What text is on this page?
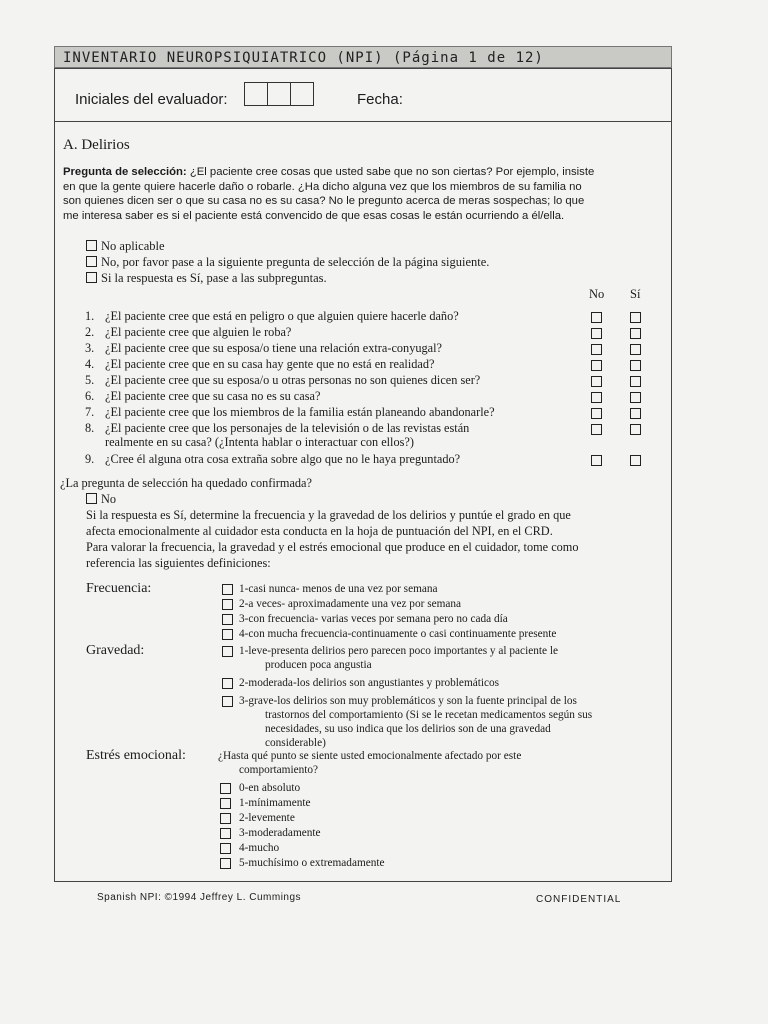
INVENTARIO NEUROPSIQUIATRICO (NPI) (Página 1 de 12)
Iniciales del evaluador:	Fecha:
A. Delirios
Pregunta de selección: ¿El paciente cree cosas que usted sabe que no son ciertas? Por ejemplo, insiste
en que la gente quiere hacerle daño o robarle. ¿Ha dicho alguna vez que los miembros de su familia no
son quienes dicen ser o que su casa no es su casa? No le pregunto acerca de meras sospechas; lo que
me interesa saber es si el paciente está convencido de que esas cosas le están ocurriendo a él/ella.
No aplicable
No, por favor pase a la siguiente pregunta de selección de la página siguiente.
Si la respuesta es Sí, pase a las subpreguntas.
No Sí
1. ¿El paciente cree que está en peligro o que alguien quiere hacerle daño?
2. ¿El paciente cree que alguien le roba?
3. ¿El paciente cree que su esposa/o tiene una relación extra-conyugal?
4. ¿El paciente cree que en su casa hay gente que no está en realidad?
5. ¿El paciente cree que su esposa/o u otras personas no son quienes dicen ser?
6. ¿El paciente cree que su casa no es su casa?
7. ¿El paciente cree que los miembros de la familia están planeando abandonarle?
8. ¿El paciente cree que los personajes de la televisión o de las revistas están
realmente en su casa? (¿Intenta hablar o interactuar con ellos?)
9. ¿Cree él alguna otra cosa extraña sobre algo que no le haya preguntado?
¿La pregunta de selección ha quedado confirmada?
No
Si la respuesta es Sí, determine la frecuencia y la gravedad de los delirios y puntúe el grado en que
afecta emocionalmente al cuidador esta conducta en la hoja de puntuación del NPI, en el CRD.
Para valorar la frecuencia, la gravedad y el estrés emocional que produce en el cuidador, tome como
referencia las siguientes definiciones:
Frecuencia:	1-casi nunca- menos de una vez por semana
2-a veces- aproximadamente una vez por semana
3-con frecuencia- varias veces por semana pero no cada día
4-con mucha frecuencia-continuamente o casi continuamente presente
Gravedad:	1-leve-presenta delirios pero parecen poco importantes y al paciente le
producen poca angustia
2-moderada-los delirios son angustiantes y problemáticos
3-grave-los delirios son muy problemáticos y son la fuente principal de los
trastornos del comportamiento (Si se le recetan medicamentos según sus
necesidades, su uso indica que los delirios son de una gravedad
considerable)
Estrés emocional:	¿Hasta qué punto se siente usted emocionalmente afectado por este
comportamiento?
0-en absoluto
1-mínimamente
2-levemente
3-moderadamente
4-mucho
5-muchísimo o extremadamente
Spanish NPI: ©1994 Jeffrey L. Cummings	CONFIDENTIAL
